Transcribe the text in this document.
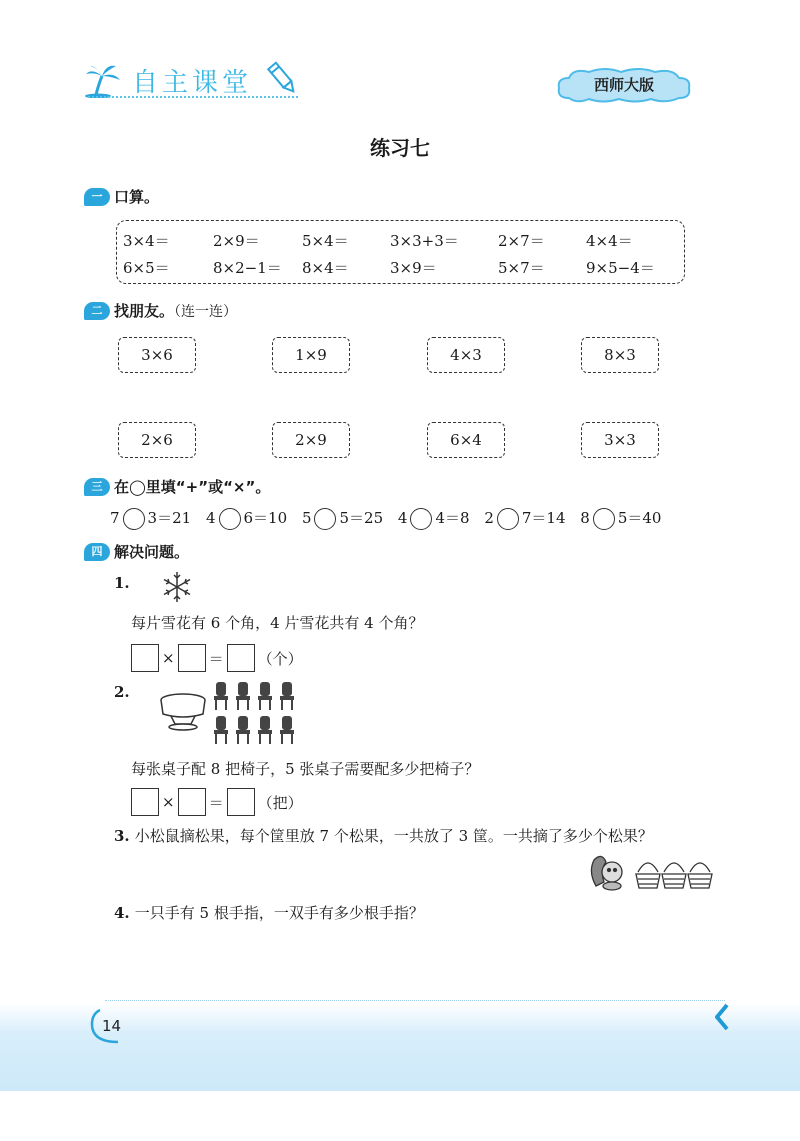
自主课堂	西师大版
练习七
一 口算。
3×4＝	2×9＝	5×4＝	3×3+3＝	2×7＝	4×4＝
6×5＝	8×2−1＝ 8×4＝	3×9＝	5×7＝	9×5−4＝
二 找朋友。（连一连）
3×6	1×9	4×3	8×3
2×6	2×9	6×4	3×3
三 在◯里填“+”或“×”。
7 3＝21 4 6＝10 5 5＝25 4 4＝8 2 7＝14 8 5＝40
四 解决问题。
1.
每片雪花有 6 个角，4 片雪花共有 4 个角？
× ＝ （个）
2.
每张桌子配 8 把椅子，5 张桌子需要配多少把椅子？
× ＝ （把）
3. 小松鼠摘松果，每个筐里放 7 个松果，一共放了 3 筐。一共摘了多少个松果？
4. 一只手有 5 根手指，一双手有多少根手指？
14
